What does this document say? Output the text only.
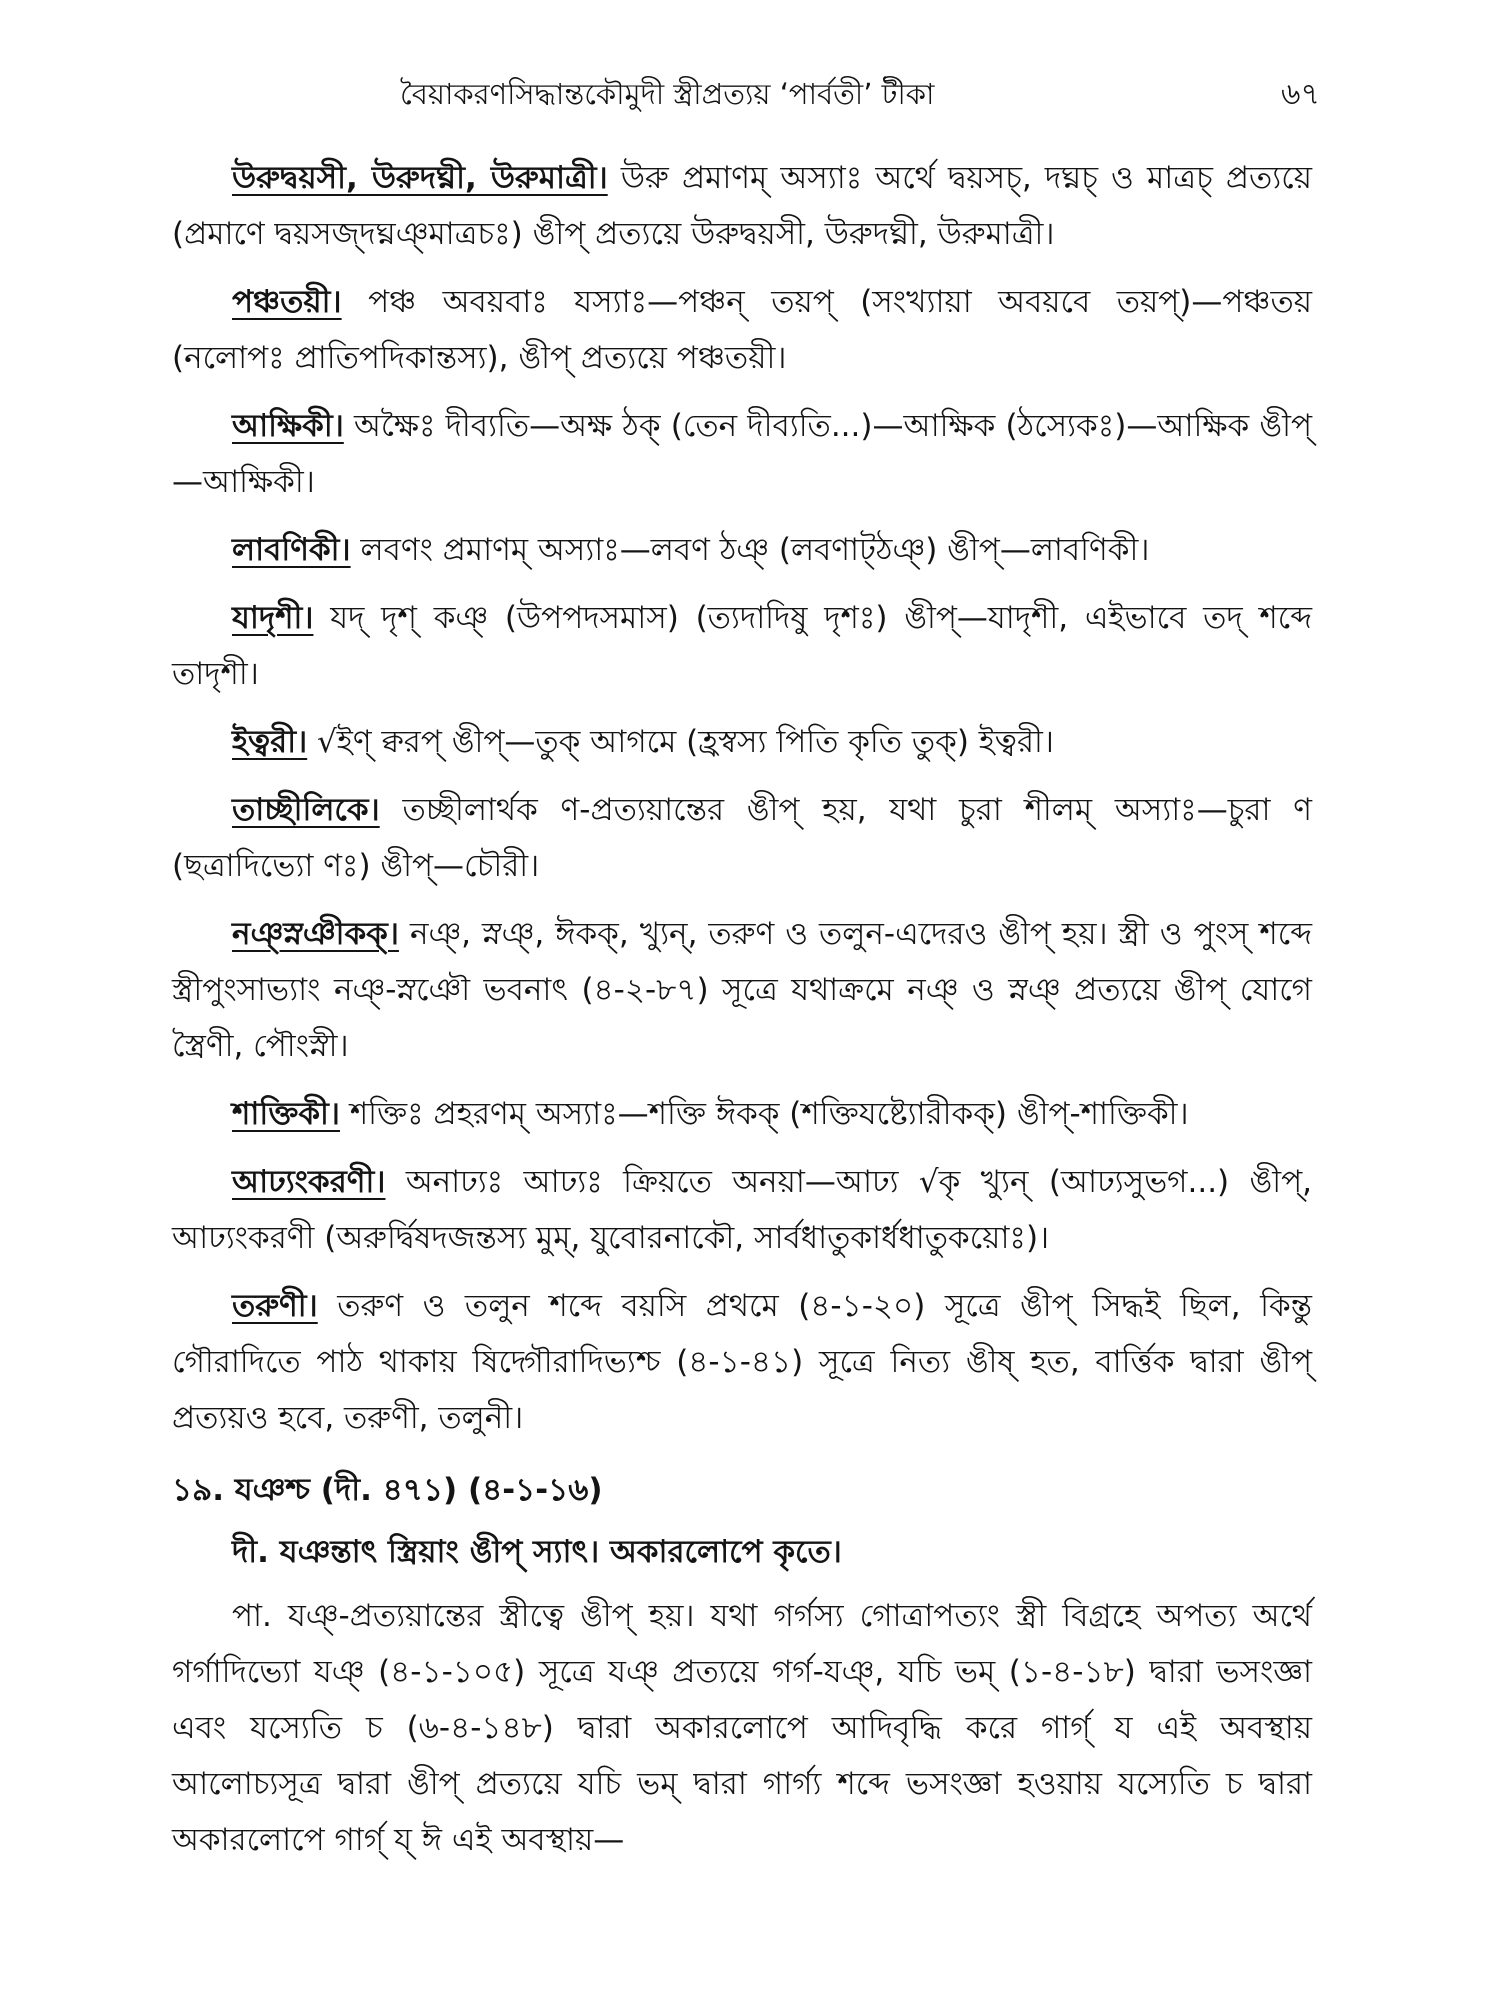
বৈয়াকরণসিদ্ধান্তকৌমুদী স্ত্রীপ্রত্যয় ‘পার্বতী’ টীকা	৬৭

উরুদ্বয়সী, উরুদঘ্নী, উরুমাত্রী। উরু প্রমাণম্ অস্যাঃ অর্থে দ্বয়সচ্, দঘ্নচ্ ও মাত্রচ্ প্রত্যয়ে (প্রমাণে দ্বয়সজ্‌দঘ্নঞ্‌মাত্রচঃ) ঙীপ্ প্রত্যয়ে উরুদ্বয়সী, উরুদঘ্নী, উরুমাত্রী।

পঞ্চতয়ী। পঞ্চ অবয়বাঃ যস্যাঃ—পঞ্চন্ তয়প্ (সংখ্যায়া অবয়বে তয়প্)—পঞ্চতয় (নলোপঃ প্রাতিপদিকান্তস্য), ঙীপ্ প্রত্যয়ে পঞ্চতয়ী।

আক্ষিকী। অক্ষৈঃ দীব্যতি—অক্ষ ঠক্ (তেন দীব্যতি...)—আক্ষিক (ঠস্যেকঃ)—আক্ষিক ঙীপ্—আক্ষিকী।

লাবণিকী। লবণং প্রমাণম্ অস্যাঃ—লবণ ঠঞ্ (লবণাট্ঠঞ্) ঙীপ্—লাবণিকী।

যাদৃশী। যদ্ দৃশ্ কঞ্ (উপপদসমাস) (ত্যদাদিষু দৃশঃ) ঙীপ্—যাদৃশী, এইভাবে তদ্ শব্দে তাদৃশী।

ইত্বরী। √ইণ্ ক্বরপ্ ঙীপ্—তুক্ আগমে (হ্রস্বস্য পিতি কৃতি তুক্) ইত্বরী।

তাচ্ছীলিকে। তচ্ছীলার্থক ণ-প্রত্যয়ান্তের ঙীপ্ হয়, যথা চুরা শীলম্ অস্যাঃ—চুরা ণ (ছত্রাদিভ্যো ণঃ) ঙীপ্—চৌরী।

নঞ্‌স্নঞীকক্। নঞ্, স্নঞ্, ঈকক্, খ্যুন্, তরুণ ও তলুন-এদেরও ঙীপ্ হয়। স্ত্রী ও পুংস্ শব্দে স্ত্রীপুংসাভ্যাং নঞ্-স্নঞৌ ভবনাৎ (৪-২-৮৭) সূত্রে যথাক্রমে নঞ্ ও স্নঞ্ প্রত্যয়ে ঙীপ্ যোগে স্ত্রৈণী, পৌংস্নী।

শাক্তিকী। শক্তিঃ প্রহরণম্ অস্যাঃ—শক্তি ঈকক্ (শক্তিযষ্ট্যোরীকক্) ঙীপ্-শাক্তিকী।

আঢ্যংকরণী। অনাঢ্যঃ আঢ্যঃ ক্রিয়তে অনয়া—আঢ্য √কৃ খ্যুন্ (আঢ্যসুভগ...) ঙীপ্, আঢ্যংকরণী (অরুর্দ্বিষদজন্তস্য মুম্, যুবোরনাকৌ, সার্বধাতুকার্ধধাতুকয়োঃ)।

তরুণী। তরুণ ও তলুন শব্দে বয়সি প্রথমে (৪-১-২০) সূত্রে ঙীপ্ সিদ্ধই ছিল, কিন্তু গৌরাদিতে পাঠ থাকায় ষিদ্গৌরাদিভ্যশ্চ (৪-১-৪১) সূত্রে নিত্য ঙীষ্ হত, বার্ত্তিক দ্বারা ঙীপ্ প্রত্যয়ও হবে, তরুণী, তলুনী।

১৯. যঞশ্চ (দী. ৪৭১) (৪-১-১৬)
দী. যঞন্তাৎ স্ত্রিয়াং ঙীপ্ স্যাৎ। অকারলোপে কৃতে।

পা. যঞ্-প্রত্যয়ান্তের স্ত্রীত্বে ঙীপ্ হয়। যথা গর্গস্য গোত্রাপত্যং স্ত্রী বিগ্রহে অপত্য অর্থে গর্গাদিভ্যো যঞ্ (৪-১-১০৫) সূত্রে যঞ্ প্রত্যয়ে গর্গ-যঞ্, যচি ভম্ (১-৪-১৮) দ্বারা ভসংজ্ঞা এবং যস্যেতি চ (৬-৪-১৪৮) দ্বারা অকারলোপে আদিবৃদ্ধি করে গার্গ্ য এই অবস্থায় আলোচ্যসূত্র দ্বারা ঙীপ্ প্রত্যয়ে যচি ভম্ দ্বারা গার্গ্য শব্দে ভসংজ্ঞা হওয়ায় যস্যেতি চ দ্বারা অকারলোপে গার্গ্ য্ ঈ এই অবস্থায়—
